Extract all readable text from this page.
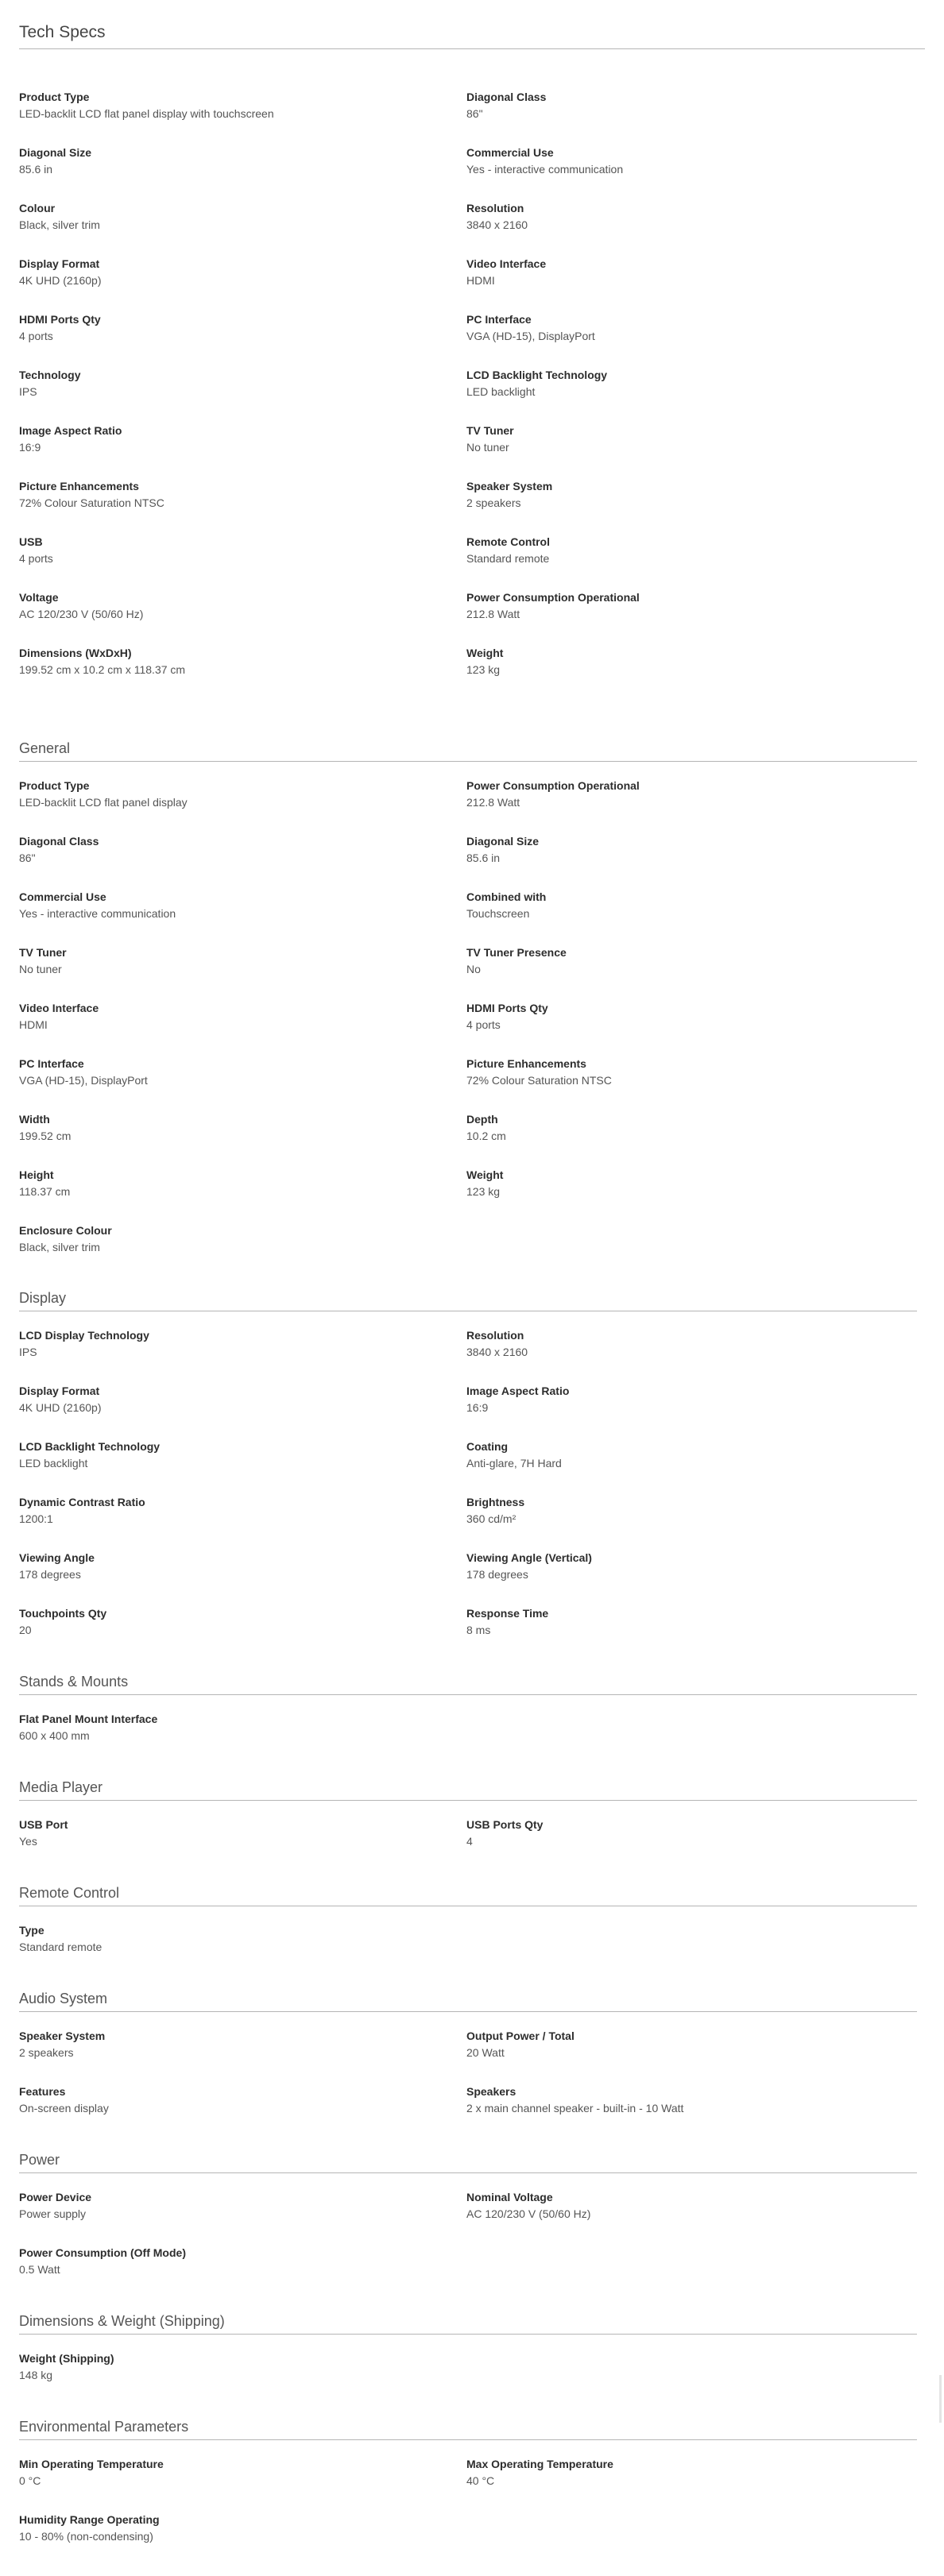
Tech Specs
Product Type
LED-backlit LCD flat panel display with touchscreen
Diagonal Class
86"
Diagonal Size
85.6 in
Commercial Use
Yes - interactive communication
Colour
Black, silver trim
Resolution
3840 x 2160
Display Format
4K UHD (2160p)
Video Interface
HDMI
HDMI Ports Qty
4 ports
PC Interface
VGA (HD-15), DisplayPort
Technology
IPS
LCD Backlight Technology
LED backlight
Image Aspect Ratio
16:9
TV Tuner
No tuner
Picture Enhancements
72% Colour Saturation NTSC
Speaker System
2 speakers
USB
4 ports
Remote Control
Standard remote
Voltage
AC 120/230 V (50/60 Hz)
Power Consumption Operational
212.8 Watt
Dimensions (WxDxH)
199.52 cm x 10.2 cm x 118.37 cm
Weight
123 kg
General
Product Type
LED-backlit LCD flat panel display
Power Consumption Operational
212.8 Watt
Diagonal Class
86"
Diagonal Size
85.6 in
Commercial Use
Yes - interactive communication
Combined with
Touchscreen
TV Tuner
No tuner
TV Tuner Presence
No
Video Interface
HDMI
HDMI Ports Qty
4 ports
PC Interface
VGA (HD-15), DisplayPort
Picture Enhancements
72% Colour Saturation NTSC
Width
199.52 cm
Depth
10.2 cm
Height
118.37 cm
Weight
123 kg
Enclosure Colour
Black, silver trim
Display
LCD Display Technology
IPS
Resolution
3840 x 2160
Display Format
4K UHD (2160p)
Image Aspect Ratio
16:9
LCD Backlight Technology
LED backlight
Coating
Anti-glare, 7H Hard
Dynamic Contrast Ratio
1200:1
Brightness
360 cd/m²
Viewing Angle
178 degrees
Viewing Angle (Vertical)
178 degrees
Touchpoints Qty
20
Response Time
8 ms
Stands & Mounts
Flat Panel Mount Interface
600 x 400 mm
Media Player
USB Port
Yes
USB Ports Qty
4
Remote Control
Type
Standard remote
Audio System
Speaker System
2 speakers
Output Power / Total
20 Watt
Features
On-screen display
Speakers
2 x main channel speaker - built-in - 10 Watt
Power
Power Device
Power supply
Nominal Voltage
AC 120/230 V (50/60 Hz)
Power Consumption (Off Mode)
0.5 Watt
Dimensions & Weight (Shipping)
Weight (Shipping)
148 kg
Environmental Parameters
Min Operating Temperature
0 °C
Max Operating Temperature
40 °C
Humidity Range Operating
10 - 80% (non-condensing)
